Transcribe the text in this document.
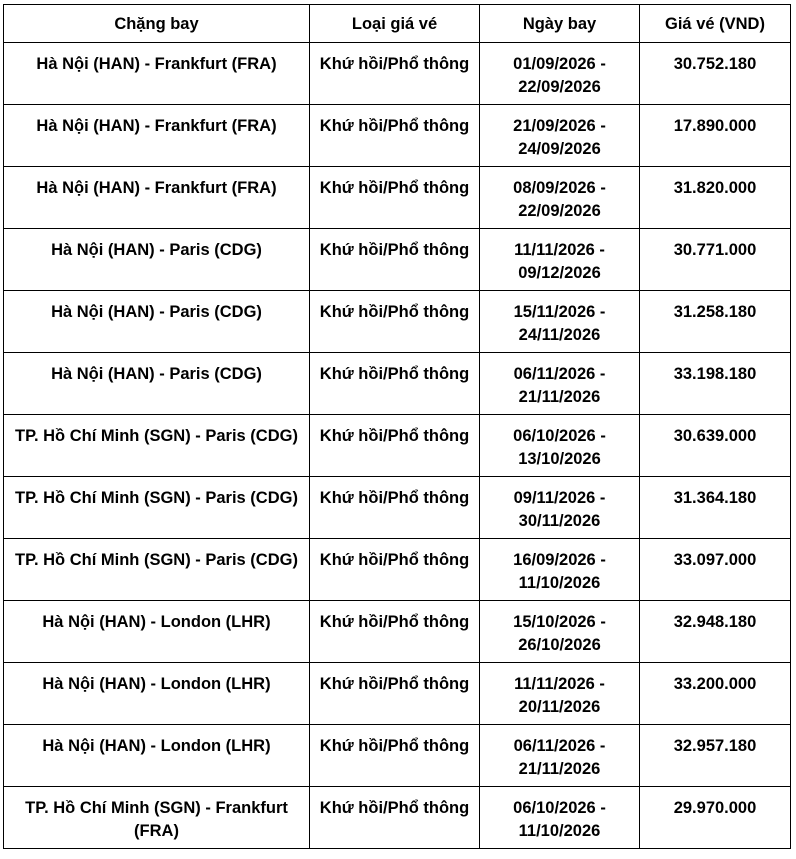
Chặng bay	Loại giá vé	Ngày bay	Giá vé (VND)
Hà Nội (HAN) - Frankfurt (FRA)	Khứ hồi/Phổ thông	01/09/2026 -
22/09/2026	30.752.180
Hà Nội (HAN) - Frankfurt (FRA)	Khứ hồi/Phổ thông	21/09/2026 -
24/09/2026	17.890.000
Hà Nội (HAN) - Frankfurt (FRA)	Khứ hồi/Phổ thông	08/09/2026 -
22/09/2026	31.820.000
Hà Nội (HAN) - Paris (CDG)	Khứ hồi/Phổ thông	11/11/2026 -
09/12/2026	30.771.000
Hà Nội (HAN) - Paris (CDG)	Khứ hồi/Phổ thông	15/11/2026 -
24/11/2026	31.258.180
Hà Nội (HAN) - Paris (CDG)	Khứ hồi/Phổ thông	06/11/2026 -
21/11/2026	33.198.180
TP. Hồ Chí Minh (SGN) - Paris (CDG)	Khứ hồi/Phổ thông	06/10/2026 -
13/10/2026	30.639.000
TP. Hồ Chí Minh (SGN) - Paris (CDG)	Khứ hồi/Phổ thông	09/11/2026 -
30/11/2026	31.364.180
TP. Hồ Chí Minh (SGN) - Paris (CDG)	Khứ hồi/Phổ thông	16/09/2026 -
11/10/2026	33.097.000
Hà Nội (HAN) - London (LHR)	Khứ hồi/Phổ thông	15/10/2026 -
26/10/2026	32.948.180
Hà Nội (HAN) - London (LHR)	Khứ hồi/Phổ thông	11/11/2026 -
20/11/2026	33.200.000
Hà Nội (HAN) - London (LHR)	Khứ hồi/Phổ thông	06/11/2026 -
21/11/2026	32.957.180
TP. Hồ Chí Minh (SGN) - Frankfurt (FRA)	Khứ hồi/Phổ thông	06/10/2026 -
11/10/2026	29.970.000
